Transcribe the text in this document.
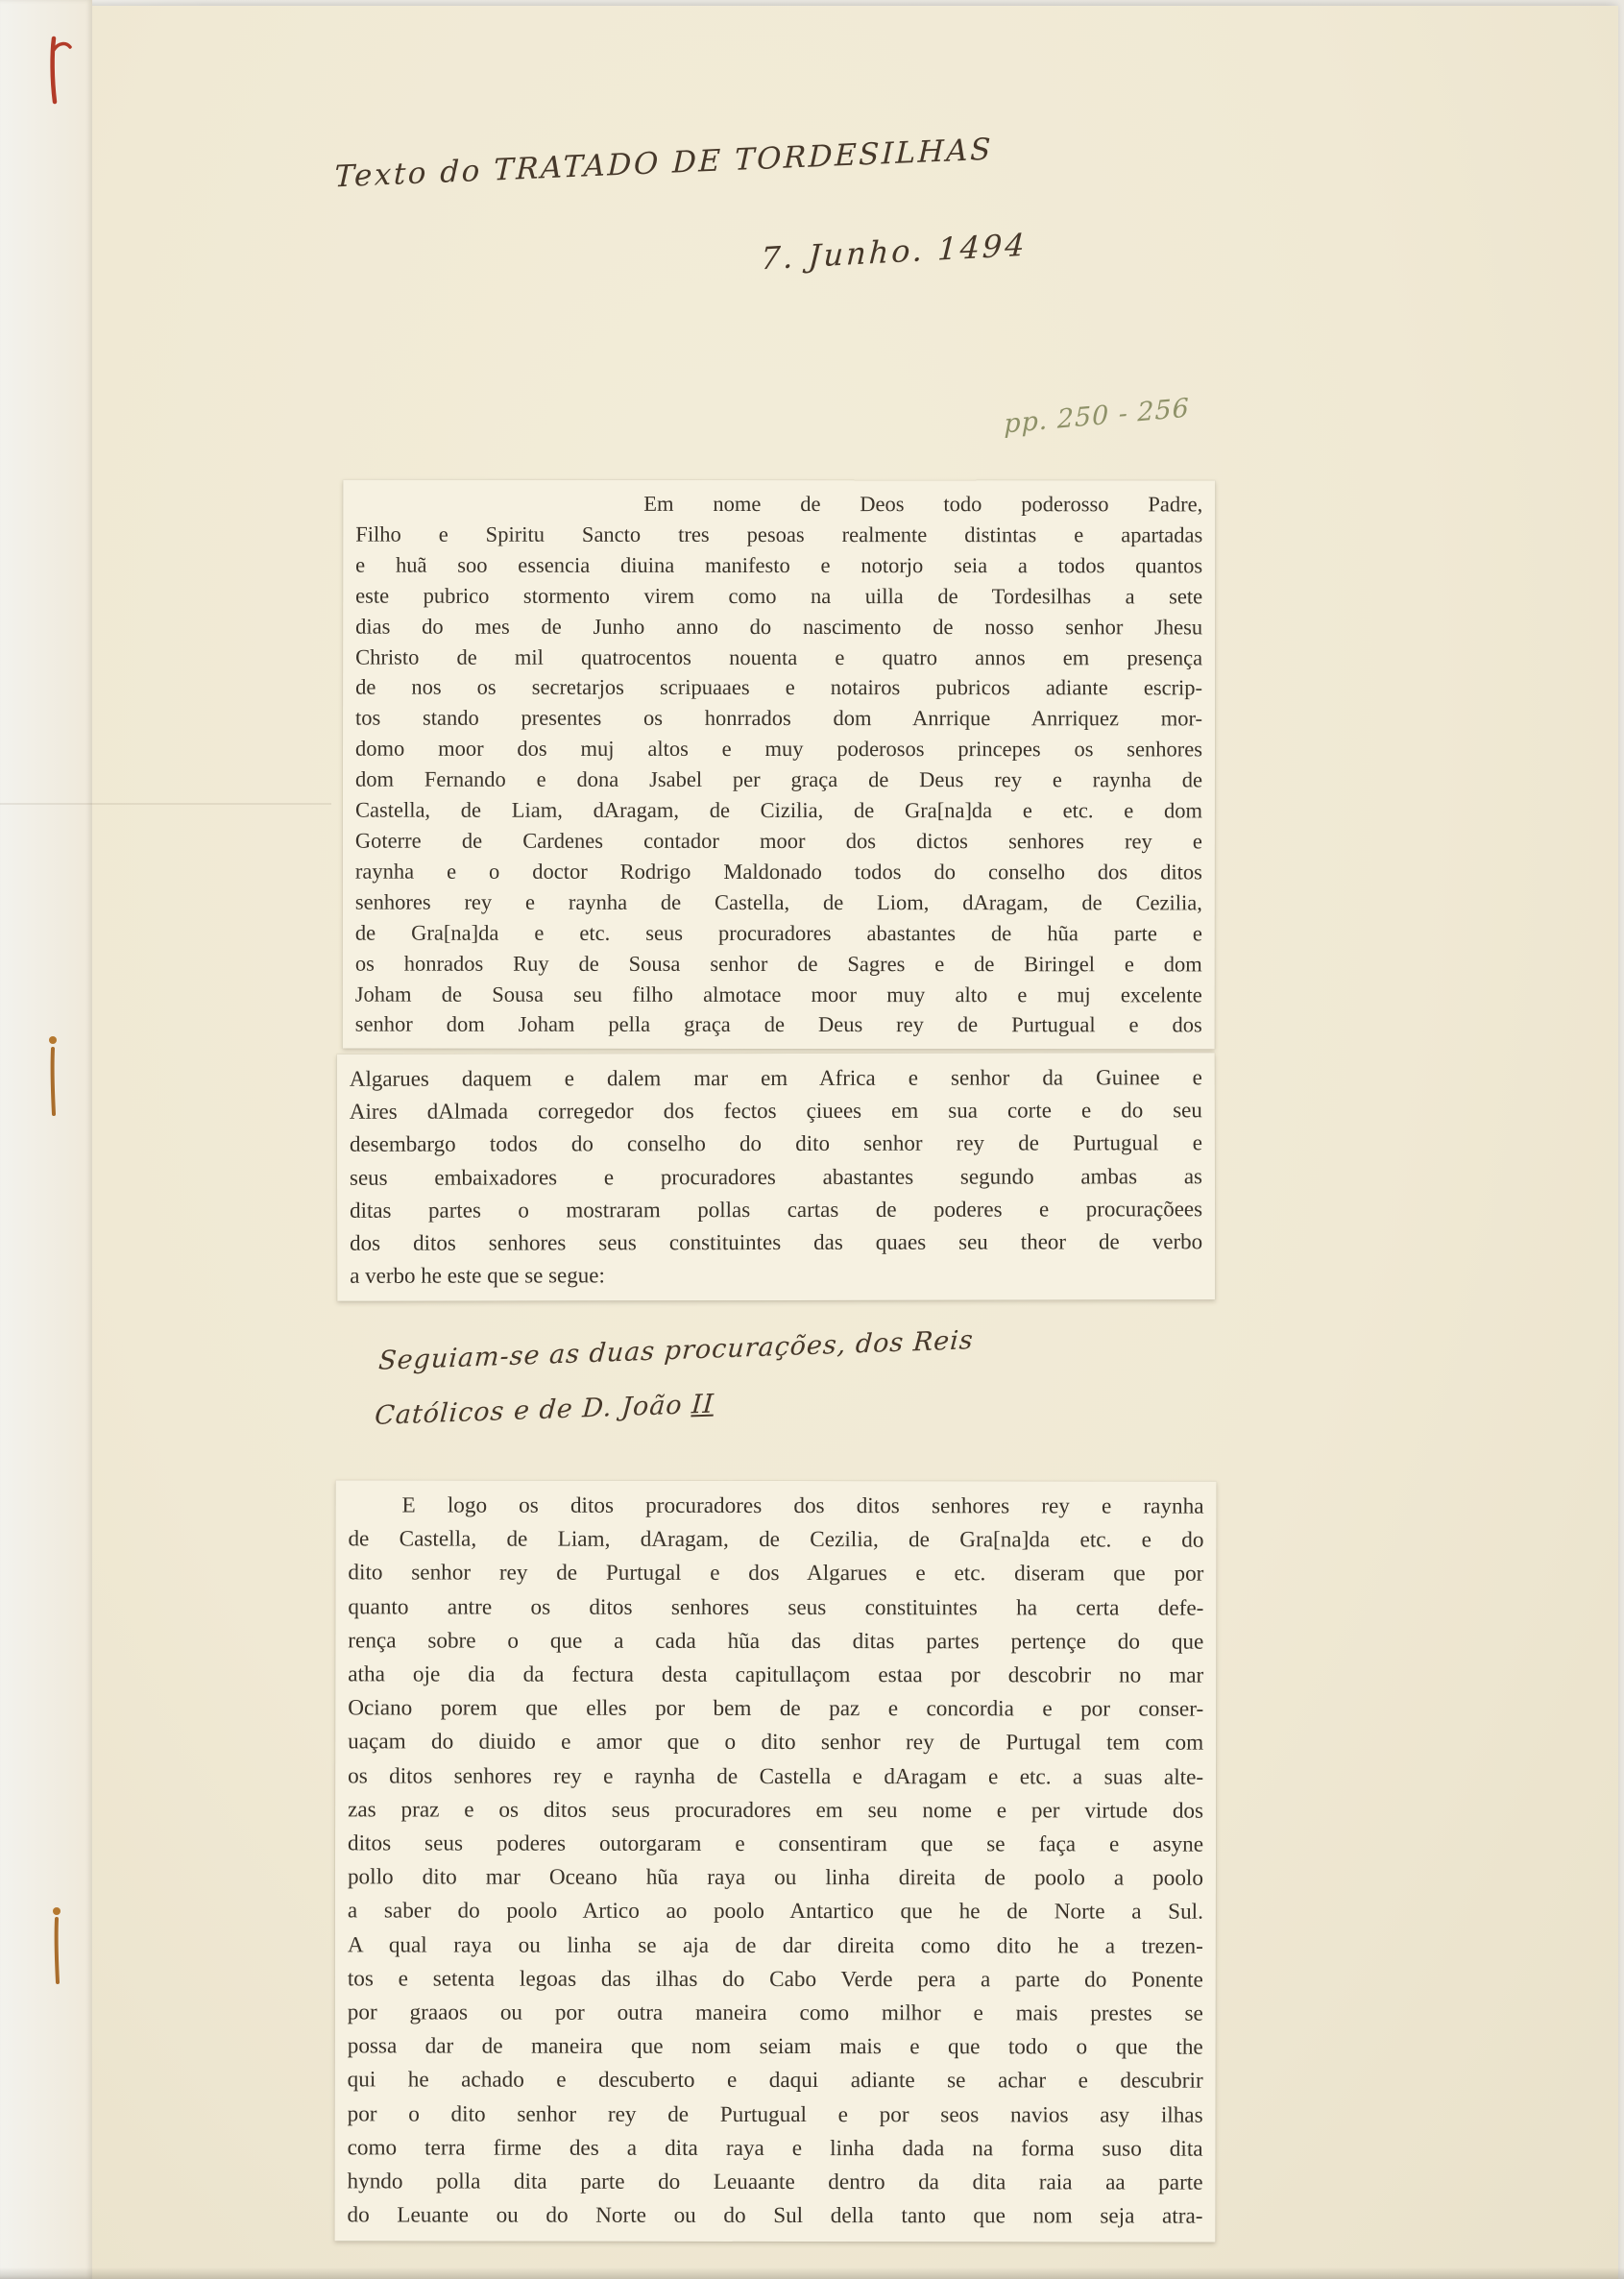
Texto do TRATADO DE TORDESILHAS
7. Junho. 1494
pp. 250 - 256
Em nome de Deos todo poderosso Padre,
Filho e Spiritu Sancto tres pesoas realmente distintas e apartadas
e huã soo essencia diuina manifesto e notorjo seia a todos quantos
este pubrico stormento virem como na uilla de Tordesilhas a sete
dias do mes de Junho anno do nascimento de nosso senhor Jhesu
Christo de mil quatrocentos nouenta e quatro annos em presença
de nos os secretarjos scripuaaes e notairos pubricos adiante escrip-
tos stando presentes os honrrados dom Anrrique Anrriquez mor-
domo moor dos muj altos e muy poderosos princepes os senhores
dom Fernando e dona Jsabel per graça de Deus rey e raynha de
Castella, de Liam, dAragam, de Cizilia, de Gra[na]da e etc. e dom
Goterre de Cardenes contador moor dos dictos senhores rey e
raynha e o doctor Rodrigo Maldonado todos do conselho dos ditos
senhores rey e raynha de Castella, de Liom, dAragam, de Cezilia,
de Gra[na]da e etc. seus procuradores abastantes de hũa parte e
os honrados Ruy de Sousa senhor de Sagres e de Biringel e dom
Joham de Sousa seu filho almotace moor muy alto e muj excelente
senhor dom Joham pella graça de Deus rey de Purtugual e dos
Algarues daquem e dalem mar em Africa e senhor da Guinee e
Aires dAlmada corregedor dos fectos çiuees em sua corte e do seu
desembargo todos do conselho do dito senhor rey de Purtugual e
seus embaixadores e procuradores abastantes segundo ambas as
ditas partes o mostraram pollas cartas de poderes e procuraçõees
dos ditos senhores seus constituintes das quaes seu theor de verbo
a verbo he este que se segue:
Seguiam-se as duas procurações, dos Reis
Católicos e de D. João II
E logo os ditos procuradores dos ditos senhores rey e raynha
de Castella, de Liam, dAragam, de Cezilia, de Gra[na]da etc. e do
dito senhor rey de Purtugal e dos Algarues e etc. diseram que por
quanto antre os ditos senhores seus constituintes ha certa defe-
rença sobre o que a cada hũa das ditas partes pertençe do que
atha oje dia da fectura desta capitullaçom estaa por descobrir no mar
Ociano porem que elles por bem de paz e concordia e por conser-
uaçam do diuido e amor que o dito senhor rey de Purtugal tem com
os ditos senhores rey e raynha de Castella e dAragam e etc. a suas alte-
zas praz e os ditos seus procuradores em seu nome e per virtude dos
ditos seus poderes outorgaram e consentiram que se faça e asyne
pollo dito mar Oceano hũa raya ou linha direita de poolo a poolo
a saber do poolo Artico ao poolo Antartico que he de Norte a Sul.
A qual raya ou linha se aja de dar direita como dito he a trezen-
tos e setenta legoas das ilhas do Cabo Verde pera a parte do Ponente
por graaos ou por outra maneira como milhor e mais prestes se
possa dar de maneira que nom seiam mais e que todo o que the
qui he achado e descuberto e daqui adiante se achar e descubrir
por o dito senhor rey de Purtugual e por seos navios asy ilhas
como terra firme des a dita raya e linha dada na forma suso dita
hyndo polla dita parte do Leuaante dentro da dita raia aa parte
do Leuante ou do Norte ou do Sul della tanto que nom seja atra-
